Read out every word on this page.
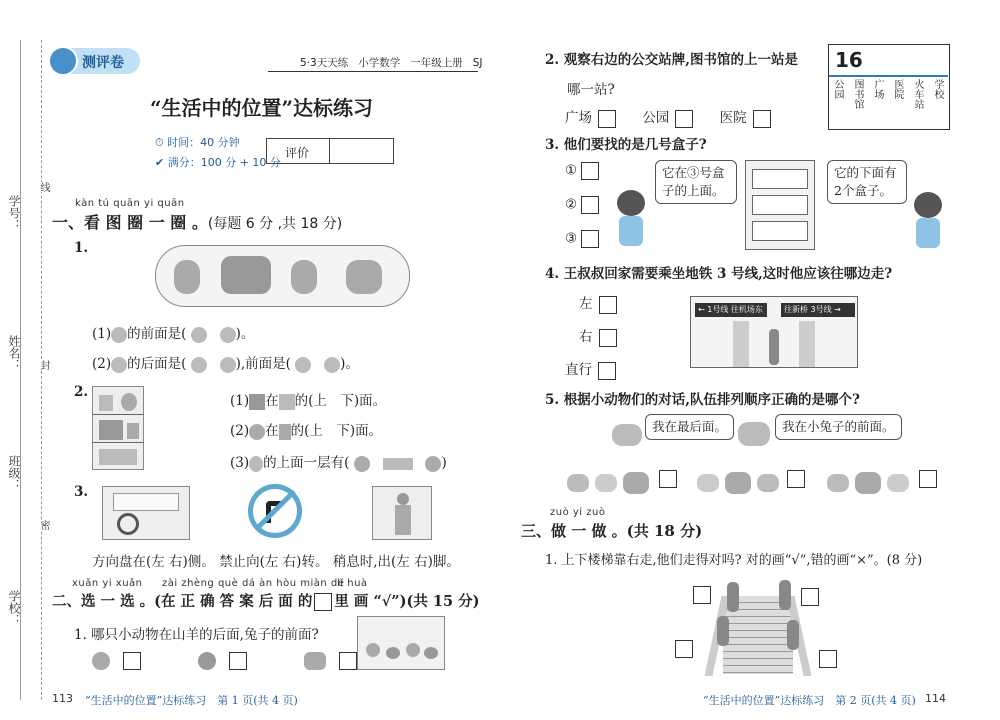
学号：
姓名：
班级：
学校：
线
封
密
测评卷	5·3天天练 小学数学 一年级上册 SJ
“生活中的位置”达标练习
⏱ 时间：40 分钟
✔ 满分：100 分 + 10 分
评价
kàn tú quān yi quān
一、看 图 圈 一 圈 。(每题 6 分 ,共 18 分)
1.
(1) 的前面是(	)。
(2) 的后面是(	),前面是(	)。
2.
(1) 在 的(上　下)面。
(2) 在 的(上　下)面。
(3) 的上面一层有(	)
3.
方向盘在(左 右)侧。 禁止向(左 右)转。 稍息时,出(左 右)脚。
xuǎn yi xuǎn zài zhèng què dá àn hòu miàn de
lǐ huà
二、选 一 选 。(在 正 确 答 案 后 面 的 里 画 “√”)(共 15 分)
1. 哪只小动物在山羊的后面,兔子的前面?

113 “生活中的位置”达标练习　第 1 页(共 4 页)
2. 观察右边的公交站牌,图书馆的上一站是
哪一站?
广场	公园	医院
16
公园 图书馆 广场 医院 火车站 学校
3. 他们要找的是几号盒子?
①
②
③
它在③号盒子的上面。
它的下面有2个盒子。
4. 王叔叔回家需要乘坐地铁 3 号线,这时他应该往哪边走?
左
右
直行
← 1号线 往机场东	往新桥 3号线 →
5. 根据小动物们的对话,队伍排列顺序正确的是哪个?
我在最后面。	我在小兔子的前面。
zuò yi zuò
三、做 一 做 。(共 18 分)
1. 上下楼梯靠右走,他们走得对吗? 对的画“√”,错的画“×”。(8 分)
“生活中的位置”达标练习　第 2 页(共 4 页) 114
